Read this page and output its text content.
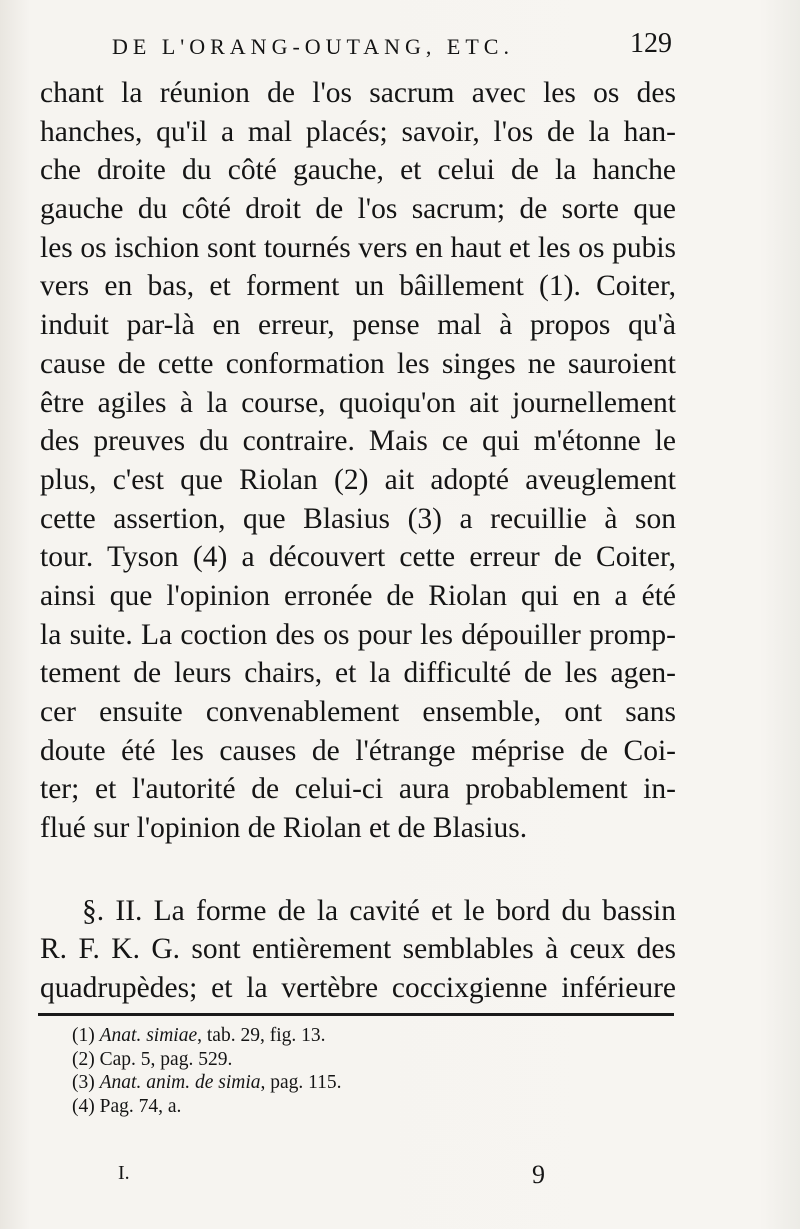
DE L'ORANG-OUTANG, ETC.	129
chant la réunion de l'os sacrum avec les os des
hanches, qu'il a mal placés; savoir, l'os de la han-
che droite du côté gauche, et celui de la hanche
gauche du côté droit de l'os sacrum; de sorte que
les os ischion sont tournés vers en haut et les os pubis
vers en bas, et forment un bâillement (1). Coiter,
induit par-là en erreur, pense mal à propos qu'à
cause de cette conformation les singes ne sauroient
être agiles à la course, quoiqu'on ait journellement
des preuves du contraire. Mais ce qui m'étonne le
plus, c'est que Riolan (2) ait adopté aveuglement
cette assertion, que Blasius (3) a recuillie à son
tour. Tyson (4) a découvert cette erreur de Coiter,
ainsi que l'opinion erronée de Riolan qui en a été
la suite. La coction des os pour les dépouiller promp-
tement de leurs chairs, et la difficulté de les agen-
cer ensuite convenablement ensemble, ont sans
doute été les causes de l'étrange méprise de Coi-
ter; et l'autorité de celui-ci aura probablement in-
flué sur l'opinion de Riolan et de Blasius.
§. II. La forme de la cavité et le bord du bassin
R. F. K. G. sont entièrement semblables à ceux des
quadrupèdes; et la vertèbre coccixgienne inférieure
(1) Anat. simiae, tab. 29, fig. 13.
(2) Cap. 5, pag. 529.
(3) Anat. anim. de simia, pag. 115.
(4) Pag. 74, a.
I.	9
